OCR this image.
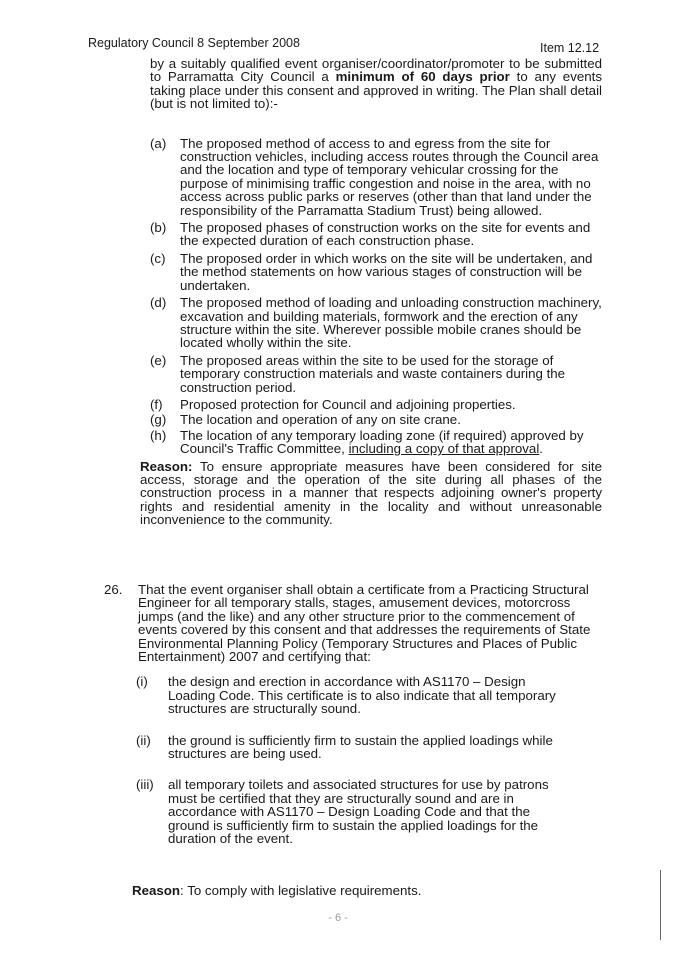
Regulatory Council 8 September 2008	Item 12.12

by a suitably qualified event organiser/coordinator/promoter to be submitted to Parramatta City Council a minimum of 60 days prior to any events taking place under this consent and approved in writing. The Plan shall detail (but is not limited to):-

(a) The proposed method of access to and egress from the site for construction vehicles, including access routes through the Council area and the location and type of temporary vehicular crossing for the purpose of minimising traffic congestion and noise in the area, with no access across public parks or reserves (other than that land under the responsibility of the Parramatta Stadium Trust) being allowed.
(b) The proposed phases of construction works on the site for events and the expected duration of each construction phase.
(c) The proposed order in which works on the site will be undertaken, and the method statements on how various stages of construction will be undertaken.
(d) The proposed method of loading and unloading construction machinery, excavation and building materials, formwork and the erection of any structure within the site. Wherever possible mobile cranes should be located wholly within the site.
(e) The proposed areas within the site to be used for the storage of temporary construction materials and waste containers during the construction period.
(f) Proposed protection for Council and adjoining properties.
(g) The location and operation of any on site crane.
(h) The location of any temporary loading zone (if required) approved by Council's Traffic Committee, including a copy of that approval.

Reason: To ensure appropriate measures have been considered for site access, storage and the operation of the site during all phases of the construction process in a manner that respects adjoining owner's property rights and residential amenity in the locality and without unreasonable inconvenience to the community.

26. That the event organiser shall obtain a certificate from a Practicing Structural Engineer for all temporary stalls, stages, amusement devices, motorcross jumps (and the like) and any other structure prior to the commencement of events covered by this consent and that addresses the requirements of State Environmental Planning Policy (Temporary Structures and Places of Public Entertainment) 2007 and certifying that:
(i) the design and erection in accordance with AS1170 – Design Loading Code. This certificate is to also indicate that all temporary structures are structurally sound.
(ii) the ground is sufficiently firm to sustain the applied loadings while structures are being used.
(iii) all temporary toilets and associated structures for use by patrons must be certified that they are structurally sound and are in accordance with AS1170 – Design Loading Code and that the ground is sufficiently firm to sustain the applied loadings for the duration of the event.
Reason: To comply with legislative requirements.
- 6 -
